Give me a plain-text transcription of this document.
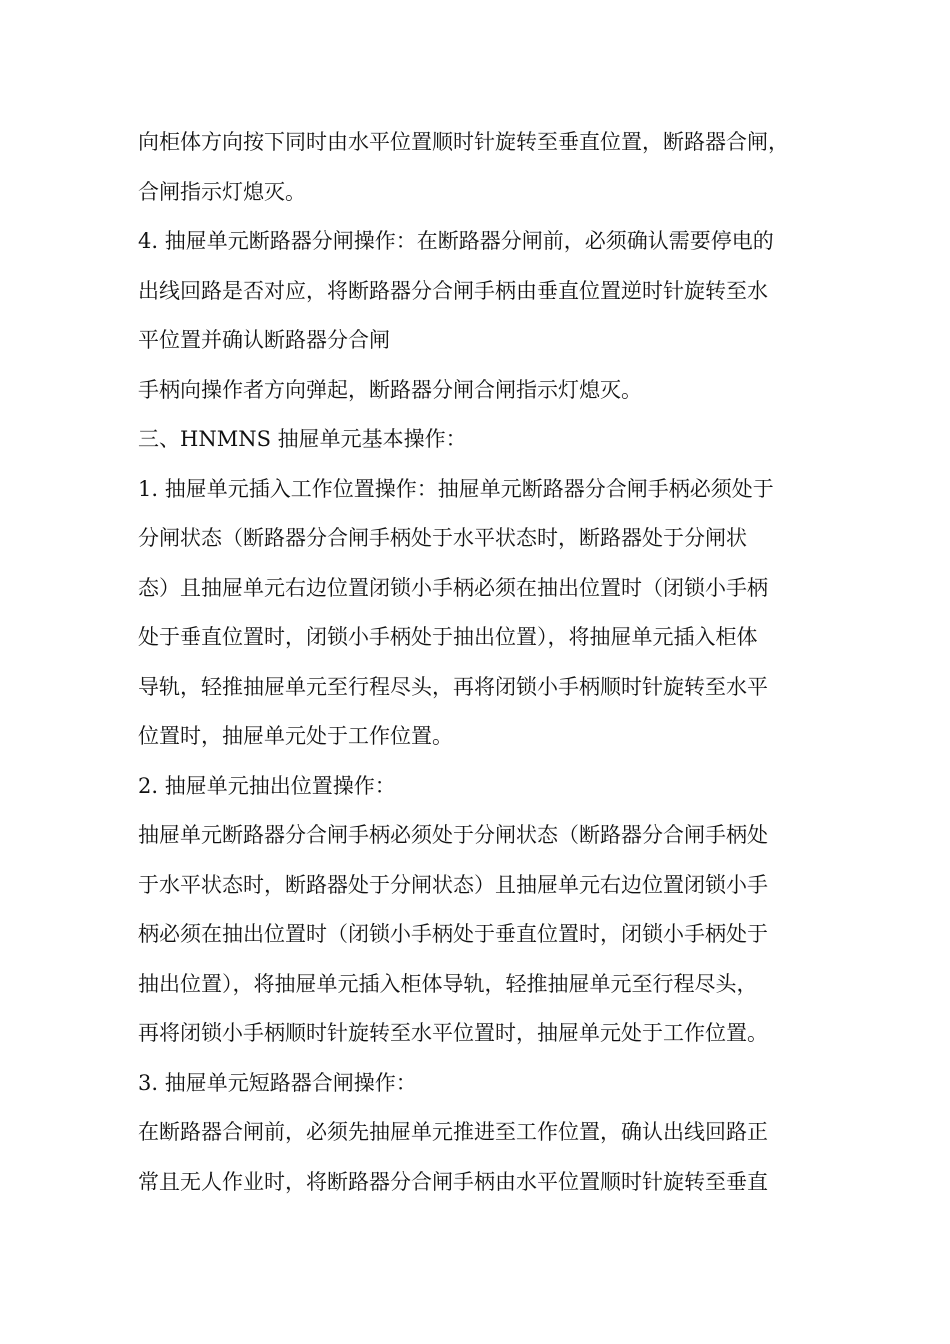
向柜体方向按下同时由水平位置顺时针旋转至垂直位置，断路器合闸，
合闸指示灯熄灭。
4. 抽屉单元断路器分闸操作：在断路器分闸前，必须确认需要停电的
出线回路是否对应，将断路器分合闸手柄由垂直位置逆时针旋转至水
平位置并确认断路器分合闸
手柄向操作者方向弹起，断路器分闸合闸指示灯熄灭。
三、HNMNS 抽屉单元基本操作：
1. 抽屉单元插入工作位置操作：抽屉单元断路器分合闸手柄必须处于
分闸状态（断路器分合闸手柄处于水平状态时，断路器处于分闸状
态）且抽屉单元右边位置闭锁小手柄必须在抽出位置时（闭锁小手柄
处于垂直位置时，闭锁小手柄处于抽出位置），将抽屉单元插入柜体
导轨，轻推抽屉单元至行程尽头，再将闭锁小手柄顺时针旋转至水平
位置时，抽屉单元处于工作位置。
2. 抽屉单元抽出位置操作：
抽屉单元断路器分合闸手柄必须处于分闸状态（断路器分合闸手柄处
于水平状态时，断路器处于分闸状态）且抽屉单元右边位置闭锁小手
柄必须在抽出位置时（闭锁小手柄处于垂直位置时，闭锁小手柄处于
抽出位置），将抽屉单元插入柜体导轨，轻推抽屉单元至行程尽头，
再将闭锁小手柄顺时针旋转至水平位置时，抽屉单元处于工作位置。
3. 抽屉单元短路器合闸操作：
在断路器合闸前，必须先抽屉单元推进至工作位置，确认出线回路正
常且无人作业时，将断路器分合闸手柄由水平位置顺时针旋转至垂直
